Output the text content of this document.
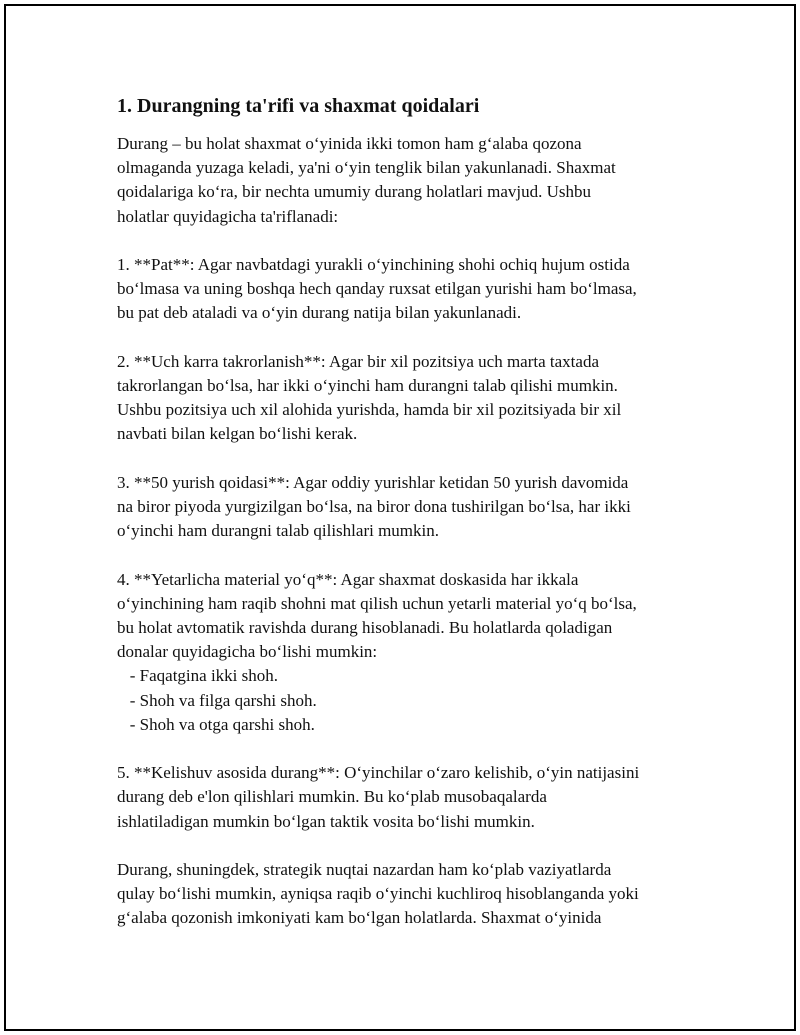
1. Durangning ta'rifi va shaxmat qoidalari
Durang – bu holat shaxmat o‘yinida ikki tomon ham g‘alaba qozona
olmaganda yuzaga keladi, ya'ni o‘yin tenglik bilan yakunlanadi. Shaxmat
qoidalariga ko‘ra, bir nechta umumiy durang holatlari mavjud. Ushbu
holatlar quyidagicha ta'riflanadi:
1. **Pat**: Agar navbatdagi yurakli o‘yinchining shohi ochiq hujum ostida
bo‘lmasa va uning boshqa hech qanday ruxsat etilgan yurishi ham bo‘lmasa,
bu pat deb ataladi va o‘yin durang natija bilan yakunlanadi.
2. **Uch karra takrorlanish**: Agar bir xil pozitsiya uch marta taxtada
takrorlangan bo‘lsa, har ikki o‘yinchi ham durangni talab qilishi mumkin.
Ushbu pozitsiya uch xil alohida yurishda, hamda bir xil pozitsiyada bir xil
navbati bilan kelgan bo‘lishi kerak.
3. **50 yurish qoidasi**: Agar oddiy yurishlar ketidan 50 yurish davomida
na biror piyoda yurgizilgan bo‘lsa, na biror dona tushirilgan bo‘lsa, har ikki
o‘yinchi ham durangni talab qilishlari mumkin.
4. **Yetarlicha material yo‘q**: Agar shaxmat doskasida har ikkala
o‘yinchining ham raqib shohni mat qilish uchun yetarli material yo‘q bo‘lsa,
bu holat avtomatik ravishda durang hisoblanadi. Bu holatlarda qoladigan
donalar quyidagicha bo‘lishi mumkin:
- Faqatgina ikki shoh.
- Shoh va filga qarshi shoh.
- Shoh va otga qarshi shoh.
5. **Kelishuv asosida durang**: O‘yinchilar o‘zaro kelishib, o‘yin natijasini
durang deb e'lon qilishlari mumkin. Bu ko‘plab musobaqalarda
ishlatiladigan mumkin bo‘lgan taktik vosita bo‘lishi mumkin.
Durang, shuningdek, strategik nuqtai nazardan ham ko‘plab vaziyatlarda
qulay bo‘lishi mumkin, ayniqsa raqib o‘yinchi kuchliroq hisoblanganda yoki
g‘alaba qozonish imkoniyati kam bo‘lgan holatlarda. Shaxmat o‘yinida
